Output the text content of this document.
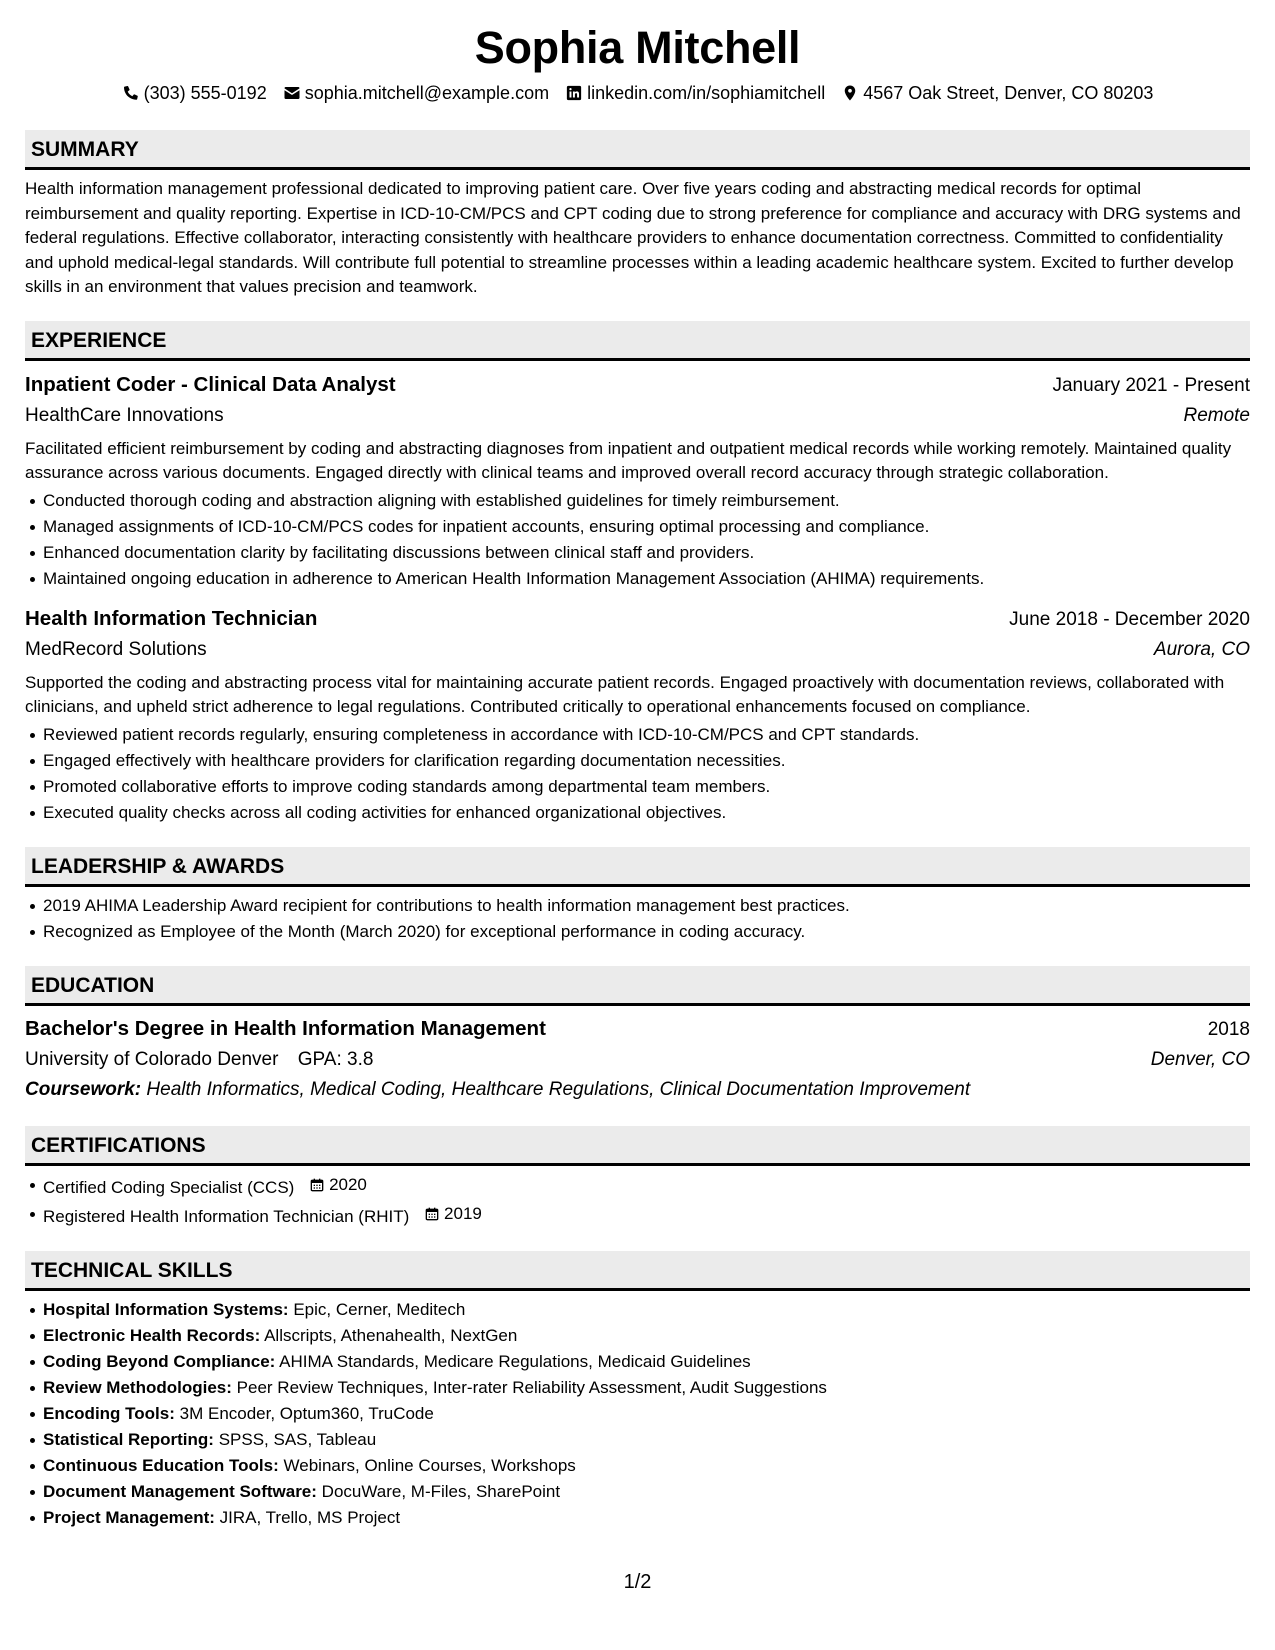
Sophia Mitchell
(303) 555-0192 sophia.mitchell@example.com linkedin.com/in/sophiamitchell 4567 Oak Street, Denver, CO 80203
SUMMARY
Health information management professional dedicated to improving patient care. Over five years coding and abstracting medical records for optimal reimbursement and quality reporting. Expertise in ICD-10-CM/PCS and CPT coding due to strong preference for compliance and accuracy with DRG systems and federal regulations. Effective collaborator, interacting consistently with healthcare providers to enhance documentation correctness. Committed to confidentiality and uphold medical-legal standards. Will contribute full potential to streamline processes within a leading academic healthcare system. Excited to further develop skills in an environment that values precision and teamwork.
EXPERIENCE
Inpatient Coder - Clinical Data Analyst	January 2021 - Present
HealthCare Innovations	Remote
Facilitated efficient reimbursement by coding and abstracting diagnoses from inpatient and outpatient medical records while working remotely. Maintained quality assurance across various documents. Engaged directly with clinical teams and improved overall record accuracy through strategic collaboration.
Conducted thorough coding and abstraction aligning with established guidelines for timely reimbursement.
Managed assignments of ICD-10-CM/PCS codes for inpatient accounts, ensuring optimal processing and compliance.
Enhanced documentation clarity by facilitating discussions between clinical staff and providers.
Maintained ongoing education in adherence to American Health Information Management Association (AHIMA) requirements.
Health Information Technician	June 2018 - December 2020
MedRecord Solutions	Aurora, CO
Supported the coding and abstracting process vital for maintaining accurate patient records. Engaged proactively with documentation reviews, collaborated with clinicians, and upheld strict adherence to legal regulations. Contributed critically to operational enhancements focused on compliance.
Reviewed patient records regularly, ensuring completeness in accordance with ICD-10-CM/PCS and CPT standards.
Engaged effectively with healthcare providers for clarification regarding documentation necessities.
Promoted collaborative efforts to improve coding standards among departmental team members.
Executed quality checks across all coding activities for enhanced organizational objectives.
LEADERSHIP & AWARDS
2019 AHIMA Leadership Award recipient for contributions to health information management best practices.
Recognized as Employee of the Month (March 2020) for exceptional performance in coding accuracy.
EDUCATION
Bachelor's Degree in Health Information Management	2018
University of Colorado Denver GPA: 3.8	Denver, CO
Coursework: Health Informatics, Medical Coding, Healthcare Regulations, Clinical Documentation Improvement
CERTIFICATIONS
Certified Coding Specialist (CCS) 2020
Registered Health Information Technician (RHIT) 2019
TECHNICAL SKILLS
Hospital Information Systems: Epic, Cerner, Meditech
Electronic Health Records: Allscripts, Athenahealth, NextGen
Coding Beyond Compliance: AHIMA Standards, Medicare Regulations, Medicaid Guidelines
Review Methodologies: Peer Review Techniques, Inter-rater Reliability Assessment, Audit Suggestions
Encoding Tools: 3M Encoder, Optum360, TruCode
Statistical Reporting: SPSS, SAS, Tableau
Continuous Education Tools: Webinars, Online Courses, Workshops
Document Management Software: DocuWare, M-Files, SharePoint
Project Management: JIRA, Trello, MS Project
1/2
